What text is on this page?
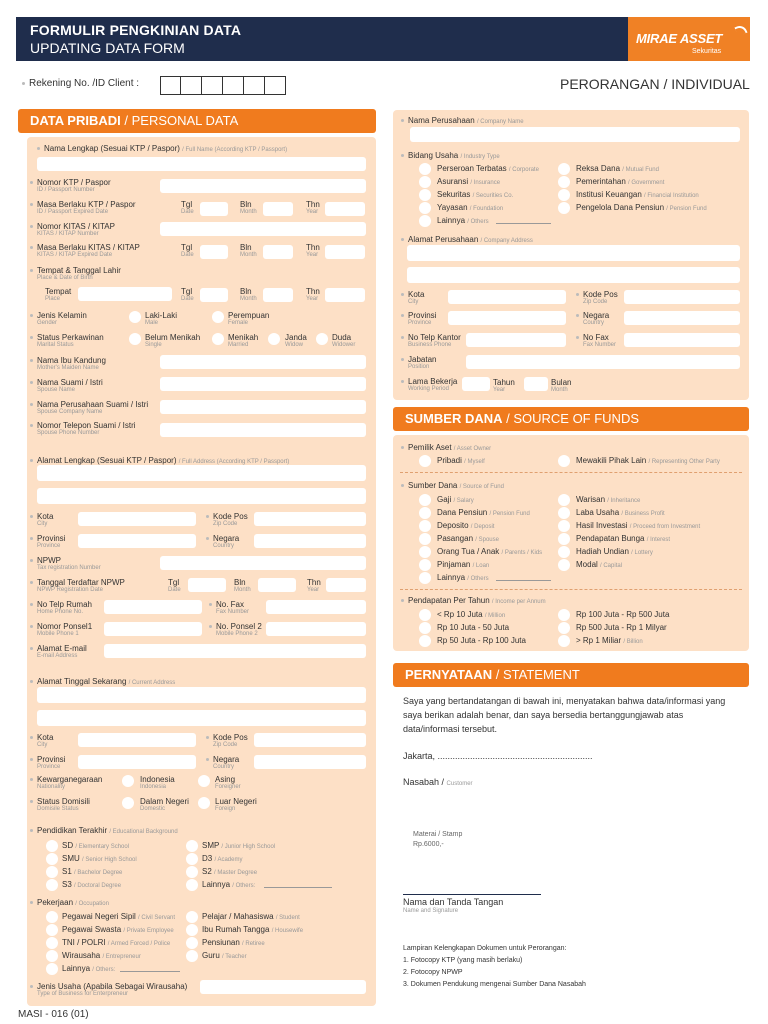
FORMULIR PENGKINIAN DATA
UPDATING DATA FORM
MIRAE ASSET
Sekuritas
Rekening No. /ID Client :	PERORANGAN / INDIVIDUAL
DATA PRIBADI / PERSONAL DATA
Nama Lengkap (Sesuai KTP / Paspor) / Full Name (According KTP / Passport)
Nomor KTP / Paspor
ID / Passport Number
Masa Berlaku KTP / Paspor
ID / Passport Expired Date
Tgl
Date
Bln
Month
Thn
Year
Nomor KITAS / KITAP
KITAS / KITAP Number
Masa Berlaku KITAS / KITAP
KITAS / KITAP Expired Date
Tgl
Date
Bln
Month
Thn
Year
Tempat & Tanggal Lahir
Place & Date of Birth
Tempat
Place
Tgl
Date
Bln
Month
Thn
Year
Jenis Kelamin
Gender
Laki-Laki
Male
Perempuan
Female
Status Perkawinan
Marital Status
Belum Menikah
Single
Menikah
Married
Janda
Widow
Duda
Widower
Nama Ibu Kandung
Mother's Maiden Name
Nama Suami / Istri
Spouse Name
Nama Perusahaan Suami / Istri
Spouse Company Name
Nomor Telepon Suami / Istri
Spouse Phone Number
Alamat Lengkap (Sesuai KTP / Paspor) / Full Address (According KTP / Passport)
Kota
City
Kode Pos
Zip Code
Provinsi
Province
Negara
Country
NPWP
Tax registration Number
Tanggal Terdaftar NPWP
NPWP Registration Date
Tgl
Date
Bln
Month
Thn
Year
No Telp Rumah
Home Phone No.
No. Fax
Fax Number
Nomor Ponsel1
Mobile Phone 1
No. Ponsel 2
Mobile Phone 2
Alamat E-mail
E-mail Address
Alamat Tinggal Sekarang / Current Address
Kota
City
Kode Pos
Zip Code
Provinsi
Province
Negara
Country
Kewarganegaraan
Nationality
Indonesia
Indonesia
Asing
Foreigner
Status Domisili
Domisile Status
Dalam Negeri
Domestic
Luar Negeri
Foreign
Pendidikan Terakhir / Educational Background
SD / Elementary School
SMU / Senior High School
S1 / Bachelor Degree
S3 / Doctoral Degree
SMP / Junior High School
D3 / Academy
S2 / Master Degree
Lainnya / Others:
Pekerjaan / Occupation
Pegawai Negeri Sipil / Civil Servant
Pegawai Swasta / Private Employee
TNI / POLRI / Armed Forced / Police
Wirausaha / Entrepreneur
Lainnya / Others:
Pelajar / Mahasiswa / Student
Ibu Rumah Tangga / Housewife
Pensiunan / Retiree
Guru / Teacher
Jenis Usaha (Apabila Sebagai Wirausaha)
Type of Business for Enterpreneur
Nama Perusahaan / Company Name
Bidang Usaha / Industry Type
Perseroan Terbatas / Corporate
Asuransi / Insurance
Sekuritas / Securities Co.
Yayasan / Foundation
Lainnya / Others
Reksa Dana / Mutual Fund
Pemerintahan / Government
Institusi Keuangan / Financial Institution
Pengelola Dana Pensiun / Pension Fund
Alamat Perusahaan / Company Address
Kota
City
Kode Pos
Zip Code
Provinsi
Province
Negara
Country
No Telp Kantor
Business Phone
No Fax
Fax Number
Jabatan
Position
Lama Bekerja
Working Period
Tahun
Year
Bulan
Month
SUMBER DANA / SOURCE OF FUNDS
Pemilik Aset / Asset Owner
Pribadi / Myself	Mewakili Pihak Lain / Representing Other Party
Sumber Dana / Source of Fund
Gaji / Salary
Dana Pensiun / Pension Fund
Deposito / Deposit
Pasangan / Spouse
Orang Tua / Anak / Parents / Kids
Pinjaman / Loan
Lainnya / Others
Warisan / Inheritance
Laba Usaha / Business Profit
Hasil Investasi / Proceed from Investment
Pendapatan Bunga / Interest
Hadiah Undian / Lottery
Modal / Capital
Pendapatan Per Tahun / Income per Annum
< Rp 10 Juta / Million
Rp 10 Juta - 50 Juta
Rp 50 Juta - Rp 100 Juta
Rp 100 Juta - Rp 500 Juta
Rp 500 Juta - Rp 1 Milyar
> Rp 1 Miliar / Billion
PERNYATAAN / STATEMENT
Saya yang bertandatangan di bawah ini, menyatakan bahwa data/informasi yang saya berikan adalah benar, dan saya bersedia bertanggungjawab atas data/informasi tersebut.
Jakarta, ..............................................................
Nasabah / Customer
Materai / Stamp
Rp.6000,-
Nama dan Tanda Tangan
Name and Signature
Lampiran Kelengkapan Dokumen untuk Perorangan:
1. Fotocopy KTP (yang masih berlaku)
2. Fotocopy NPWP
3. Dokumen Pendukung mengenai Sumber Dana Nasabah
MASI - 016 (01)
